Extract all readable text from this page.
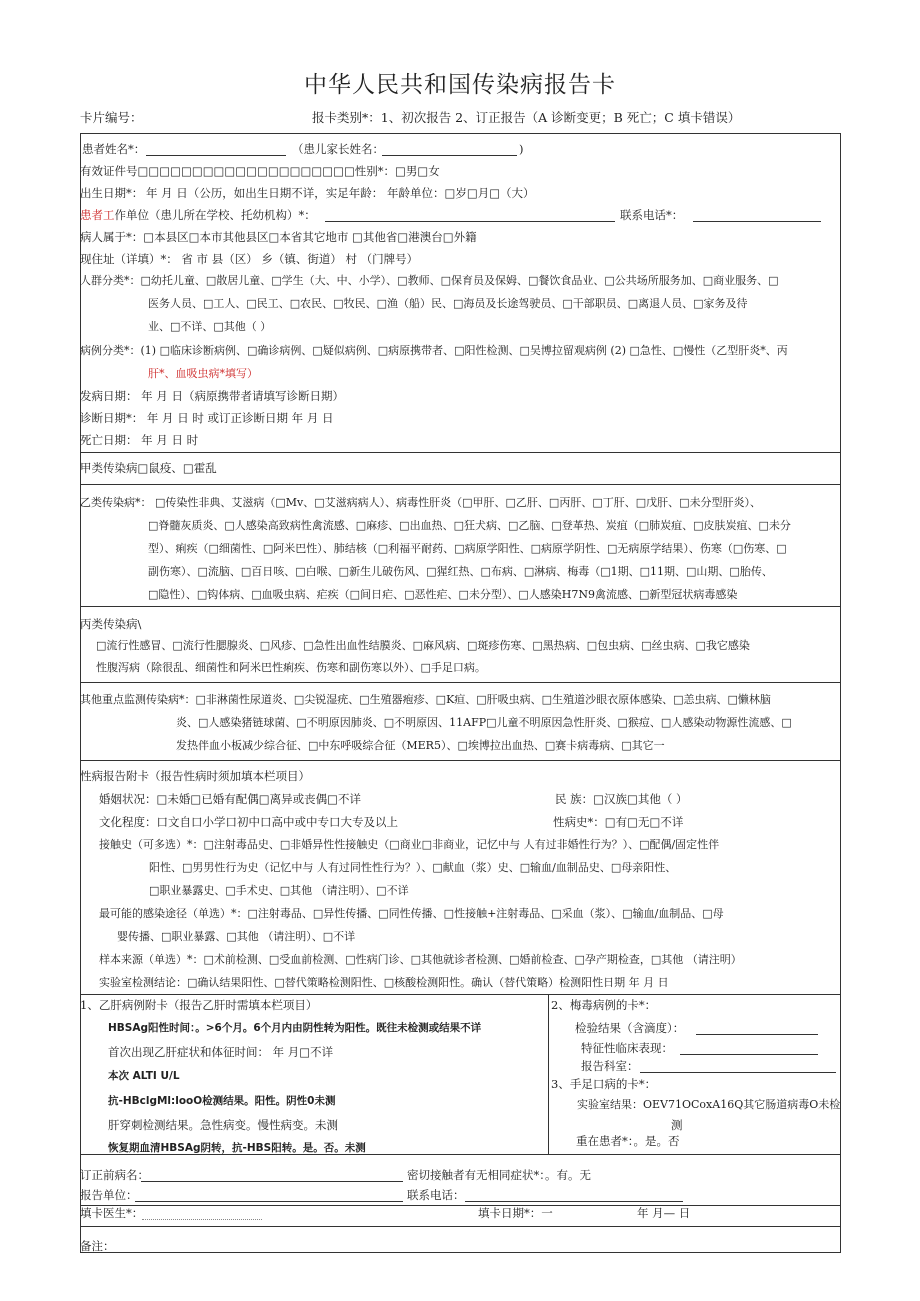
中华人民共和国传染病报告卡
卡片编号：	报卡类别*：1、初次报告 2、订正报告（A 诊断变更；B 死亡；C 填卡错误）
患者姓名*：	（患儿家长姓名：	)
有效证件号□□□□□□□□□□□□□□□□□□□□性别*：□男□女
出生日期*： 年 月 日（公历，如出生日期不详，实足年龄： 年龄单位：□岁□月□（大）
患者工作单位（患儿所在学校、托幼机构）*：	联系电话*：
病人属于*：□本县区□本市其他县区□本省其它地市 □其他省□港澳台□外籍
现住址（详填）*： 省 市 县（区） 乡（镇、街道） 村 （门牌号）
人群分类*：□幼托儿童、□散居儿童、□学生（大、中、小学）、□教师、□保育员及保姆、□餐饮食品业、□公共场所服务加、□商业服务、□
医务人员、□工人、□民工、□农民、□牧民、□渔（船）民、□海员及长途驾驶员、□干部职员、□离退人员、□家务及待
业、□不详、□其他（ ）
病例分类*：(1) □临床诊断病例、□确诊病例、□疑似病例、□病原携带者、□阳性检测、□吴博拉留观病例 (2) □急性、□慢性（乙型肝炎*、丙
肝*、血吸虫病*填写）
发病日期： 年 月 日（病原携带者请填写诊断日期）
诊断日期*： 年 月 日 时 或订正诊断日期 年 月 日
死亡日期： 年 月 日 时
甲类传染病□鼠疫、□霍乱
乙类传染病*： □传染性非典、艾滋病（□Mv、□艾滋病病人）、病毒性肝炎（□甲肝、□乙肝、□丙肝、□丁肝、□戊肝、□未分型肝炎）、
□脊髓灰质炎、□人感染高致病性禽流感、□麻疹、□出血热、□狂犬病、□乙脑、□登革热、炭疽（□肺炭疽、□皮肤炭疽、□未分
型）、痢疾（□细菌性、□阿米巴性）、肺结核（□利福平耐药、□病原学阳性、□病原学阴性、□无病原学结果）、伤寒（□伤寒、□
副伤寒）、□流脑、□百日咳、□白喉、□新生儿破伤风、□猩红热、□布病、□淋病、梅毒（□1期、□11期、□山期、□胎传、
□隐性）、□钩体病、□血吸虫病、疟疾（□间日疟、□恶性疟、□未分型）、□人感染H7N9禽流感、□新型冠状病毒感染
丙类传染病\
□流行性感冒、□流行性腮腺炎、□风疹、□急性出血性结膜炎、□麻风病、□斑疹伤寒、□黑热病、□包虫病、□丝虫病、□我它感染
性腹泻病（除很乱、细菌性和阿米巴性痢疾、伤寒和副伤寒以外）、□手足口病。
其他重点监测传染病*：□非淋菌性尿道炎、□尖锐湿疣、□生殖器疱疹、□K疸、□肝吸虫病、□生殖道沙眼衣原体感染、□恙虫病、□懒林脑
炎、□人感染猪链球菌、□不明原因肺炎、□不明原因、11AFP□儿童不明原因急性肝炎、□猴痘、□人感染动物源性流感、□
发热伴血小板减少综合征、□中东呼吸综合征（MER5）、□埃博拉出血热、□赛卡病毒病、□其它一
性病报告附卡（报告性病时须加填本栏项目）
婚姻状况：□未婚□已婚有配偶□离异或丧偶□不详	民 族：□汉族□其他（ ）
文化程度：口文自口小学口初中口高中或中专口大专及以上	性病史*：□有□无□不详
接触史（可多选）*：□注射毒品史、□非婚异性性接触史（□商业□非商业，记忆中与 人有过非婚性行为？）、□配偶/固定性伴
阳性、□男男性行为史（记忆中与 人有过同性性行为？）、□献血（浆）史、□输血/血制品史、□母亲阳性、
□职业暴露史、□手术史、□其他 （请注明）、□不详
最可能的感染途径（单选）*：□注射毒品、□异性传播、□同性传播、□性接触+注射毒品、□采血（浆）、□输血/血制品、□母
婴传播、□职业暴露、□其他 （请注明）、□不详
样本来源（单选）*：□术前检测、□受血前检测、□性病门诊、□其他就诊者检测、□婚前检查、□孕产期检查，□其他 （请注明）
实验室检测结论：□确认结果阳性、□替代策略检测阳性、□核酸检测阳性。确认（替代策略）检测阳性日期 年 月 日
1、乙肝病例附卡（报告乙肝时需填本栏项目）
HBSAg阳性时间：。>6个月。6个月内由阴性转为阳性。既往未检测或结果不详
首次出现乙肝症状和体征时间： 年 月□不详
本次 ALTI U/L
抗-HBclgMl:looO检测结果。阳性。阴性0未测
肝穿刺检测结果。急性病变。慢性病变。未测
恢复期血清HBSAg阴转，抗-HBS阳转。是。否。未测
2、梅毒病例的卡*：
检验结果（含滴度）：
特征性临床表现：
报告科室：
3、手足口病的卡*：
实验室结果：OEV71OCoxA16Q其它肠道病毒O未检
测
重在患者*：。是。否
订正前病名：	密切接触者有无相同症状*：。有。无
报告单位：	联系电话：
填卡医生*：	填卡日期*：一	年 月— 日
备注：
